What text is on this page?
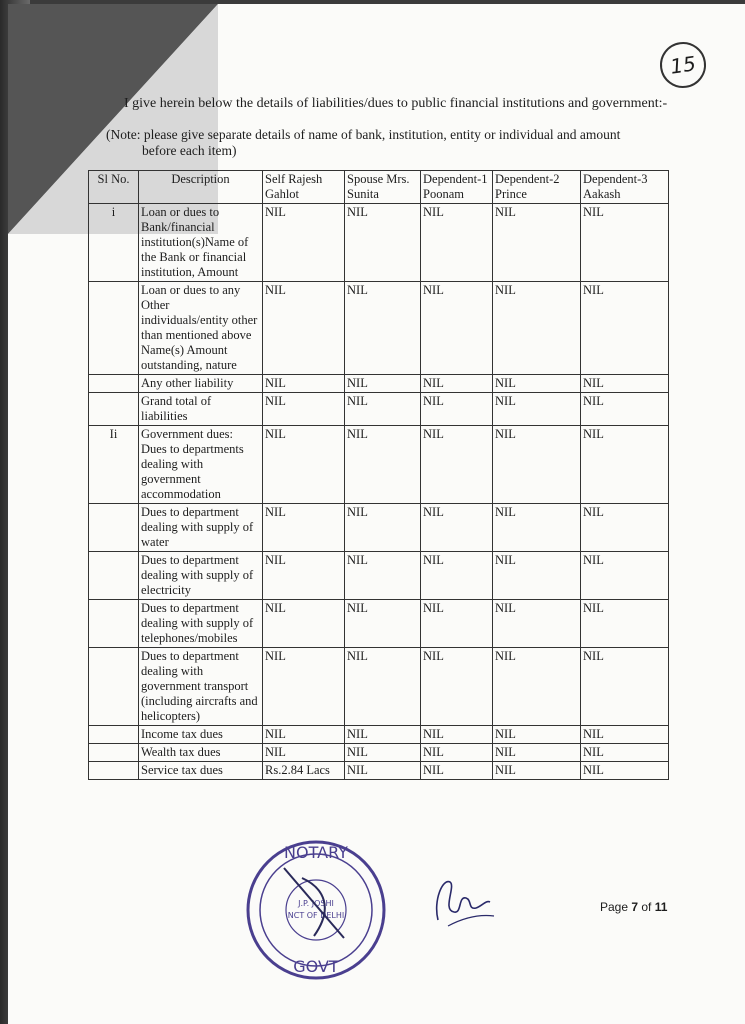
15
I give herein below the details of liabilities/dues to public financial institutions and government:-
(Note: please give separate details of name of bank, institution, entity or individual and amount
before each item)
Sl No.	Description	Self Rajesh Gahlot	Spouse Mrs. Sunita	Dependent-1 Poonam	Dependent-2 Prince	Dependent-3 Aakash
i	Loan or dues to Bank/financial institution(s)Name of the Bank or financial institution, Amount	NIL	NIL	NIL	NIL	NIL
	Loan or dues to any Other individuals/entity other than mentioned above Name(s) Amount outstanding, nature	NIL	NIL	NIL	NIL	NIL
	Any other liability	NIL	NIL	NIL	NIL	NIL
	Grand total of liabilities	NIL	NIL	NIL	NIL	NIL
Ii	Government dues: Dues to departments dealing with government accommodation	NIL	NIL	NIL	NIL	NIL
	Dues to department dealing with supply of water	NIL	NIL	NIL	NIL	NIL
	Dues to department dealing with supply of electricity	NIL	NIL	NIL	NIL	NIL
	Dues to department dealing with supply of telephones/mobiles	NIL	NIL	NIL	NIL	NIL
	Dues to department dealing with government transport (including aircrafts and helicopters)	NIL	NIL	NIL	NIL	NIL
	Income tax dues	NIL	NIL	NIL	NIL	NIL
	Wealth tax dues	NIL	NIL	NIL	NIL	NIL
	Service tax dues	Rs.2.84 Lacs	NIL	NIL	NIL	NIL
NOTARY
GOVT
J.P. JOSHI
NCT OF DELHI
Page 7 of 11
